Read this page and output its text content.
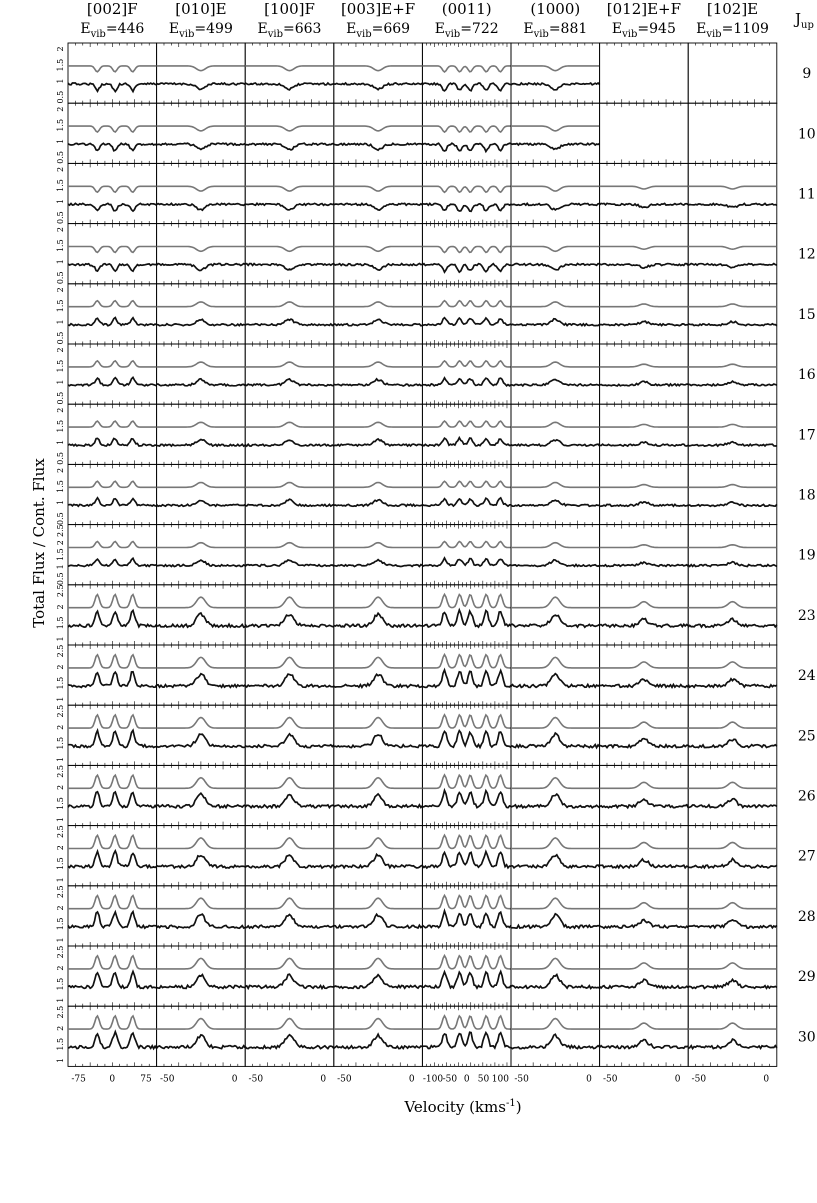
[002]F
$E_{vib}=446$
[010]E
$E_{vib}=499$
[100]F
$E_{vib}=663$
[003]E+F
$E_{vib}=669$
(0011)
$E_{vib}=722$
(1000)
$E_{vib}=881$
[012]E+F
$E_{vib}=945$
[102]E
$E_{vib}=1109$
$J_{up}$
9
0.5
1
1.5
2
10
0.5
1
1.5
2
11
0.5
1
1.5
2
12
0.5
1
1.5
2
15
0.5
1
1.5
2
16
0.5
1
1.5
2
17
0.5
1
1.5
2
18
0.5
1
1.5
2
19
0.5
1
1.5
2
2.5
23
1
1.5
2
2.5
24
1
1.5
2
2.5
25
1
1.5
2
2.5
26
1
1.5
2
2.5
27
1
1.5
2
2.5
28
1
1.5
2
2.5
29
1
1.5
2
2.5
30
1
1.5
2
2.5
-75	0	75 -50	0 -50	0 -50	0 -100 -50 0 50 100 -50	0 -50	0 -50	0
Total Flux / Cont. Flux
Velocity (kms$^{-1}$)
